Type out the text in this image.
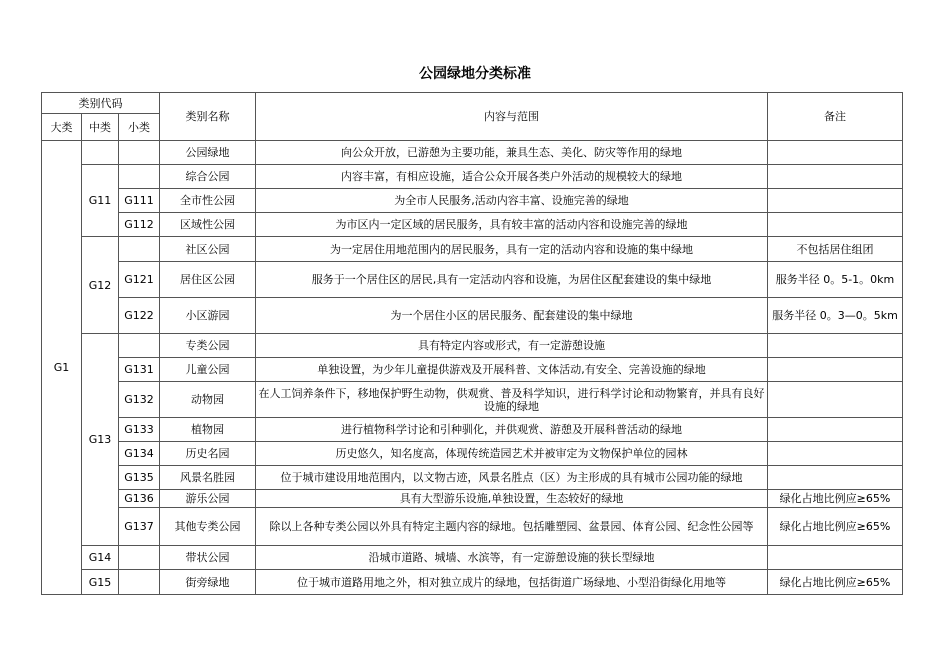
公园绿地分类标准
类别代码			类别名称	内容与范围	备注
大类	中类	小类			
G1			公园绿地	向公众开放，已游憩为主要功能，兼具生态、美化、防灾等作用的绿地	
	G11		综合公园	内容丰富，有相应设施，适合公众开展各类户外活动的规模较大的绿地	
		G111	全市性公园	为全市人民服务,活动内容丰富、设施完善的绿地	
		G112	区域性公园	为市区内一定区域的居民服务，具有较丰富的活动内容和设施完善的绿地	
	G12		社区公园	为一定居住用地范围内的居民服务，具有一定的活动内容和设施的集中绿地	不包括居住组团
		G121	居住区公园	服务于一个居住区的居民,具有一定活动内容和设施，为居住区配套建设的集中绿地	服务半径 0。5-1。0km
		G122	小区游园	为一个居住小区的居民服务、配套建设的集中绿地	服务半径 0。3—0。5km
	G13		专类公园	具有特定内容或形式，有一定游憩设施	
		G131	儿童公园	单独设置，为少年儿童提供游戏及开展科普、文体活动,有安全、完善设施的绿地	
		G132	动物园	在人工饲养条件下，移地保护野生动物，供观赏、普及科学知识，进行科学讨论和动物繁育，并具有良好设施的绿地	
		G133	植物园	进行植物科学讨论和引种驯化，并供观赏、游憩及开展科普活动的绿地	
		G134	历史名园	历史悠久，知名度高，体现传统造园艺术并被审定为文物保护单位的园林	
		G135	风景名胜园	位于城市建设用地范围内，以文物古迹，风景名胜点（区）为主形成的具有城市公园功能的绿地	
		G136	游乐公园	具有大型游乐设施,单独设置，生态较好的绿地	绿化占地比例应≥65%
		G137	其他专类公园	除以上各种专类公园以外具有特定主题内容的绿地。包括雕塑园、盆景园、体育公园、纪念性公园等	绿化占地比例应≥65%
	G14		带状公园	沿城市道路、城墙、水滨等，有一定游憩设施的狭长型绿地	
	G15		街旁绿地	位于城市道路用地之外，相对独立成片的绿地，包括街道广场绿地、小型沿街绿化用地等	绿化占地比例应≥65%
